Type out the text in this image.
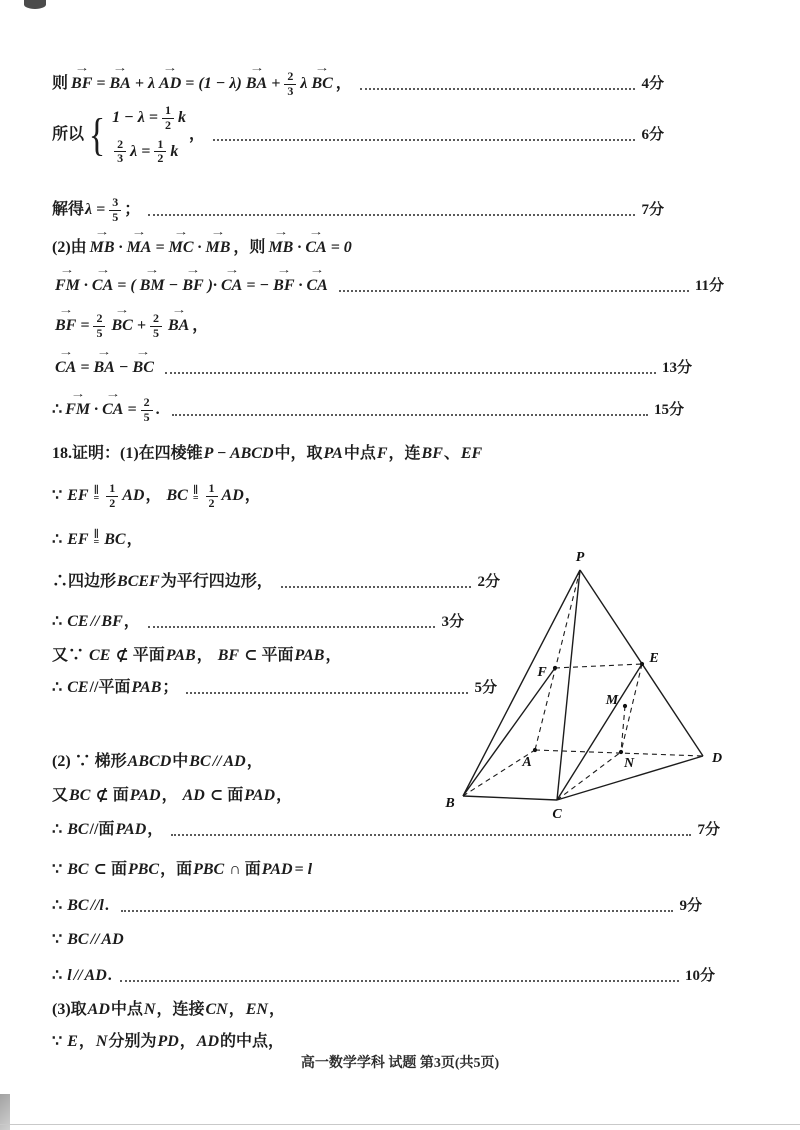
则 → BF = → BA + λ → AD = (1 − λ) → BA + $\frac{2}{3}$ λ → BC ，	4分
所以 { $1 - \lambda = \frac{1}{2}$ k
$\frac{2}{3}$ $\lambda = \frac{1}{2}$ k
，	6分
解得 $\lambda = \frac{3}{5}$ ；	7分
(2)由 → MB · → MA = → MC · → MB ，则 → MB · → CA = 0
→ FM · → CA = ( → BM − → BF )· → CA = − → BF · → CA	11分
→ BF = $\frac{2}{5}$ → BC + $\frac{2}{5}$ → BA ，
→ CA = → BA − → BC	13分
∴ → FM · → CA = $\frac{2}{5}$ .	15分
18.证明：(1)在四棱锥 P − ABCD 中，取 PA 中点 F ，连 BF 、 EF
∵ EF ∥
= $\frac{1}{2}$ AD ， BC ∥
= $\frac{1}{2}$ AD ，
∴ EF ∥
= BC ，
∴四边形 BCEF 为平行四边形，	2分
∴ CE // BF ，	3分
又∵ CE ⊄ 平面 PAB ， BF ⊂ 平面 PAB ，
∴ CE //平面 PAB ；	5分
(2) ∵ 梯形 ABCD 中 BC // AD ，
又 BC ⊄ 面 PAD ， AD ⊂ 面 PAD ，
∴ BC //面 PAD ，	7分
∵ BC ⊂ 面 PBC ，面 PBC ∩ 面 PAD = l
∴ BC //l .	9分
∵ BC // AD
∴ l // AD .	10分
(3)取 AD 中点 N ，连接 CN ， EN ，
∵ E ， N 分别为 PD ， AD 的中点，
P
A
B
C
D
E
F
M
N
高一数学学科 试题 第3页(共5页)
